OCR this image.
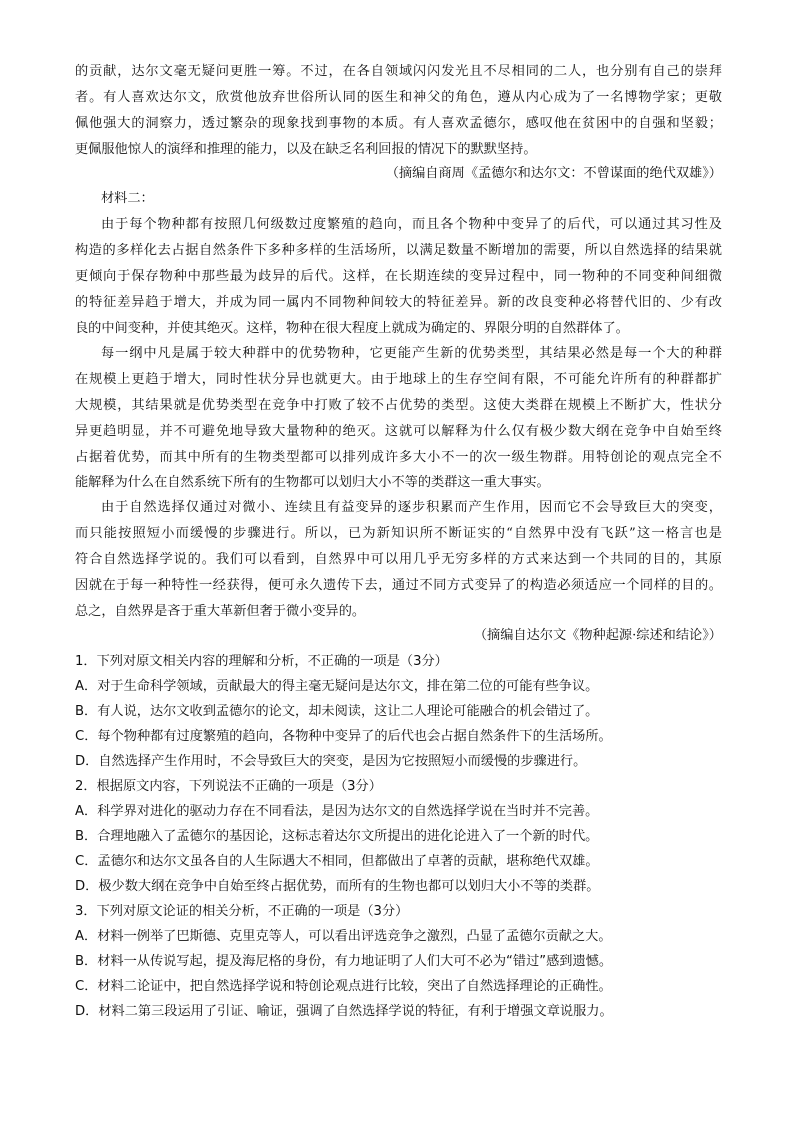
的贡献，达尔文毫无疑问更胜一筹。不过，在各自领域闪闪发光且不尽相同的二人，也分别有自己的崇拜
者。有人喜欢达尔文，欣赏他放弃世俗所认同的医生和神父的角色，遵从内心成为了一名博物学家；更敬
佩他强大的洞察力，透过繁杂的现象找到事物的本质。有人喜欢孟德尔，感叹他在贫困中的自强和坚毅；
更佩服他惊人的演绎和推理的能力，以及在缺乏名利回报的情况下的默默坚持。
（摘编自商周《孟德尔和达尔文：不曾谋面的绝代双雄》）
材料二：
由于每个物种都有按照几何级数过度繁殖的趋向，而且各个物种中变异了的后代，可以通过其习性及
构造的多样化去占据自然条件下多种多样的生活场所，以满足数量不断增加的需要，所以自然选择的结果就
更倾向于保存物种中那些最为歧异的后代。这样，在长期连续的变异过程中，同一物种的不同变种间细微
的特征差异趋于增大，并成为同一属内不同物种间较大的特征差异。新的改良变种必将替代旧的、少有改
良的中间变种，并使其绝灭。这样，物种在很大程度上就成为确定的、界限分明的自然群体了。
每一纲中凡是属于较大种群中的优势物种，它更能产生新的优势类型，其结果必然是每一个大的种群
在规模上更趋于增大，同时性状分异也就更大。由于地球上的生存空间有限，不可能允许所有的种群都扩
大规模，其结果就是优势类型在竞争中打败了较不占优势的类型。这使大类群在规模上不断扩大，性状分
异更趋明显，并不可避免地导致大量物种的绝灭。这就可以解释为什么仅有极少数大纲在竞争中自始至终
占据着优势，而其中所有的生物类型都可以排列成许多大小不一的次一级生物群。用特创论的观点完全不
能解释为什么在自然系统下所有的生物都可以划归大小不等的类群这一重大事实。
由于自然选择仅通过对微小、连续且有益变异的逐步积累而产生作用，因而它不会导致巨大的突变，
而只能按照短小而缓慢的步骤进行。所以，已为新知识所不断证实的“自然界中没有飞跃”这一格言也是
符合自然选择学说的。我们可以看到，自然界中可以用几乎无穷多样的方式来达到一个共同的目的，其原
因就在于每一种特性一经获得，便可永久遗传下去，通过不同方式变异了的构造必须适应一个同样的目的。
总之，自然界是吝于重大革新但奢于微小变异的。
（摘编自达尔文《物种起源·综述和结论》）
1．下列对原文相关内容的理解和分析，不正确的一项是（3分）
A．对于生命科学领域，贡献最大的得主毫无疑问是达尔文，排在第二位的可能有些争议。
B．有人说，达尔文收到孟德尔的论文，却未阅读，这让二人理论可能融合的机会错过了。
C．每个物种都有过度繁殖的趋向，各物种中变异了的后代也会占据自然条件下的生活场所。
D．自然选择产生作用时，不会导致巨大的突变，是因为它按照短小而缓慢的步骤进行。
2．根据原文内容，下列说法不正确的一项是（3分）
A．科学界对进化的驱动力存在不同看法，是因为达尔文的自然选择学说在当时并不完善。
B．合理地融入了孟德尔的基因论，这标志着达尔文所提出的进化论进入了一个新的时代。
C．孟德尔和达尔文虽各自的人生际遇大不相同，但都做出了卓著的贡献，堪称绝代双雄。
D．极少数大纲在竞争中自始至终占据优势，而所有的生物也都可以划归大小不等的类群。
3．下列对原文论证的相关分析，不正确的一项是（3分）
A．材料一例举了巴斯德、克里克等人，可以看出评选竞争之激烈，凸显了孟德尔贡献之大。
B．材料一从传说写起，提及海尼格的身份，有力地证明了人们大可不必为“错过”感到遗憾。
C．材料二论证中，把自然选择学说和特创论观点进行比较，突出了自然选择理论的正确性。
D．材料二第三段运用了引证、喻证，强调了自然选择学说的特征，有利于增强文章说服力。
